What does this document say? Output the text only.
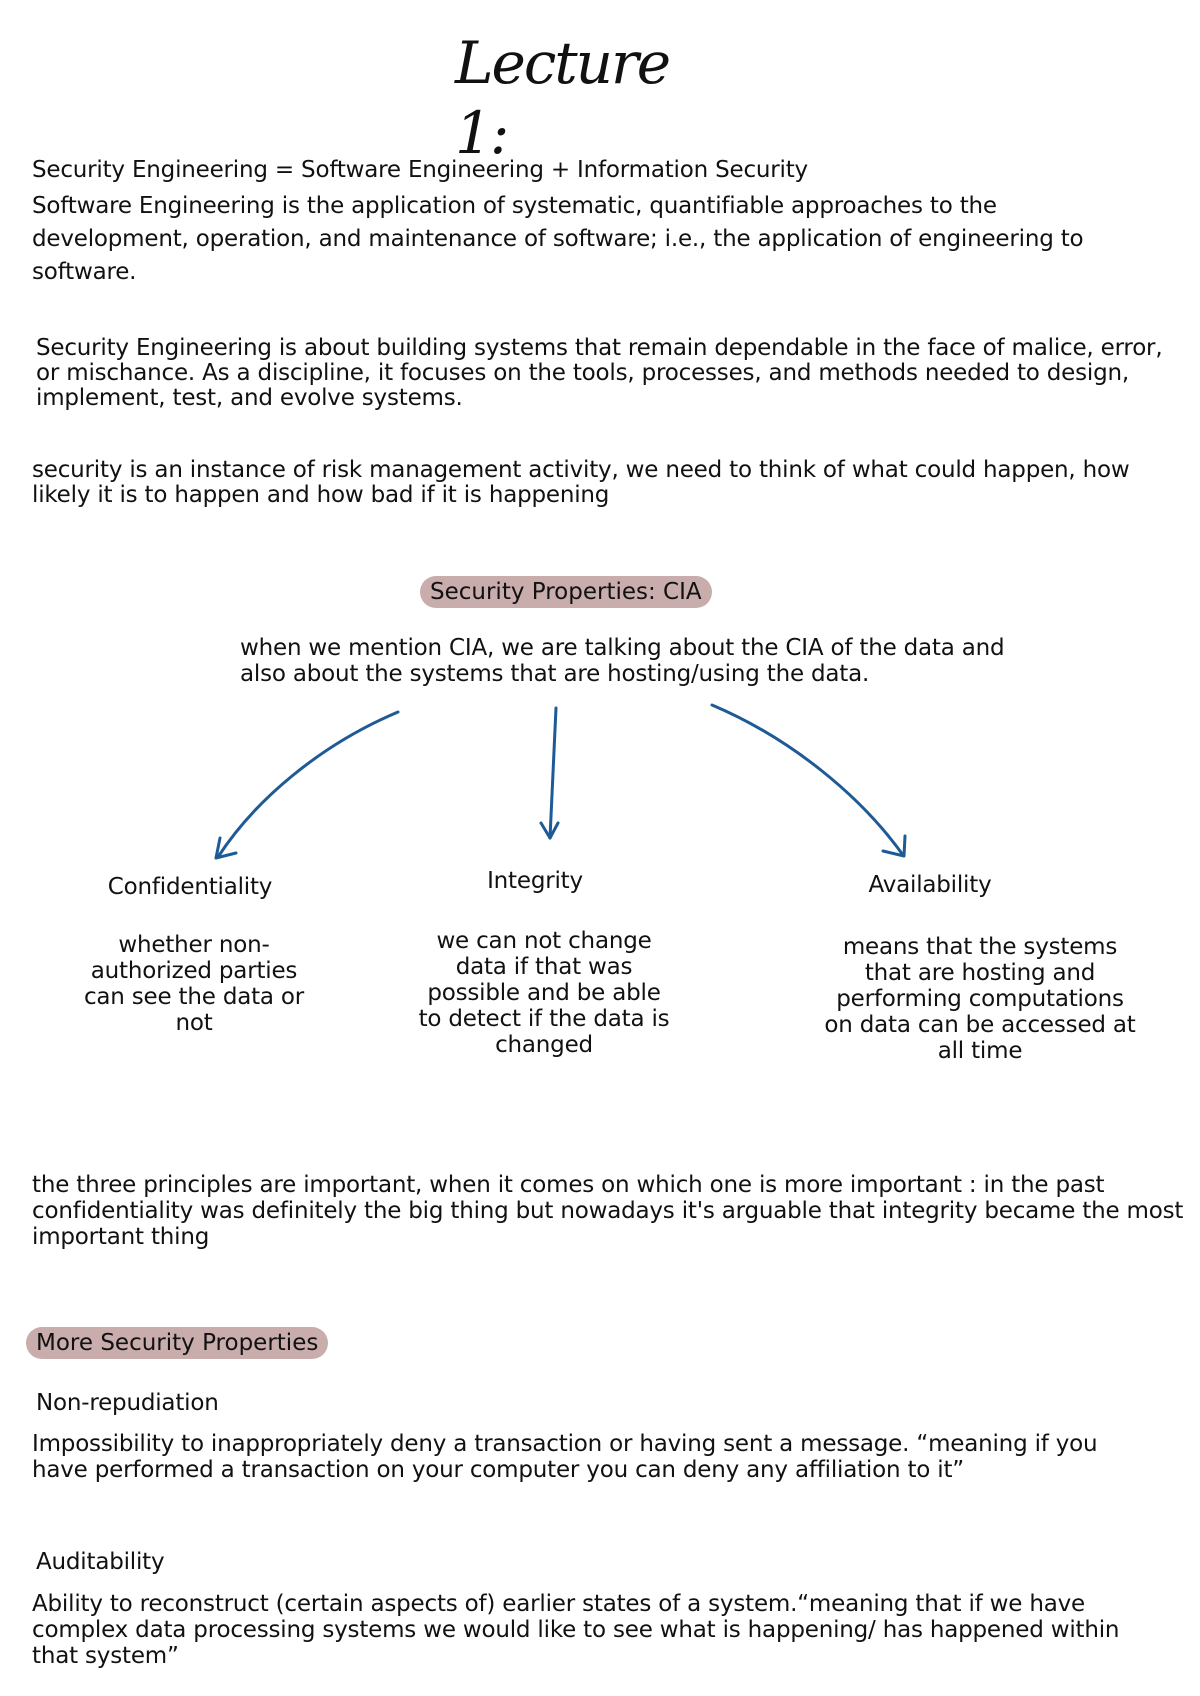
Lecture 1:
Security Engineering = Software Engineering + Information Security
Software Engineering is the application of systematic, quantifiable approaches to the development, operation, and maintenance of software; i.e., the application of engineering to software.
Security Engineering is about building systems that remain dependable in the face of malice, error, or mischance. As a discipline, it focuses on the tools, processes, and methods needed to design, implement, test, and evolve systems.
security is an instance of risk management activity, we need to think of what could happen, how likely it is to happen and how bad if it is happening
Security Properties: CIA
when we mention CIA, we are talking about the CIA of the data and also about the systems that are hosting/using the data.
Confidentiality
whether non-authorized parties can see the data or not
Integrity
we can not change data if that was possible and be able to detect if the data is changed
Availability
means that the systems that are hosting and performing computations on data can be accessed at all time
the three principles are important, when it comes on which one is more important : in the past confidentiality was definitely the big thing but nowadays it's arguable that integrity became the most important thing
More Security Properties
Non-repudiation
Impossibility to inappropriately deny a transaction or having sent a message. “meaning if you have performed a transaction on your computer you can deny any affiliation to it”
Auditability
Ability to reconstruct (certain aspects of) earlier states of a system.“meaning that if we have complex data processing systems we would like to see what is happening/ has happened within that system”
